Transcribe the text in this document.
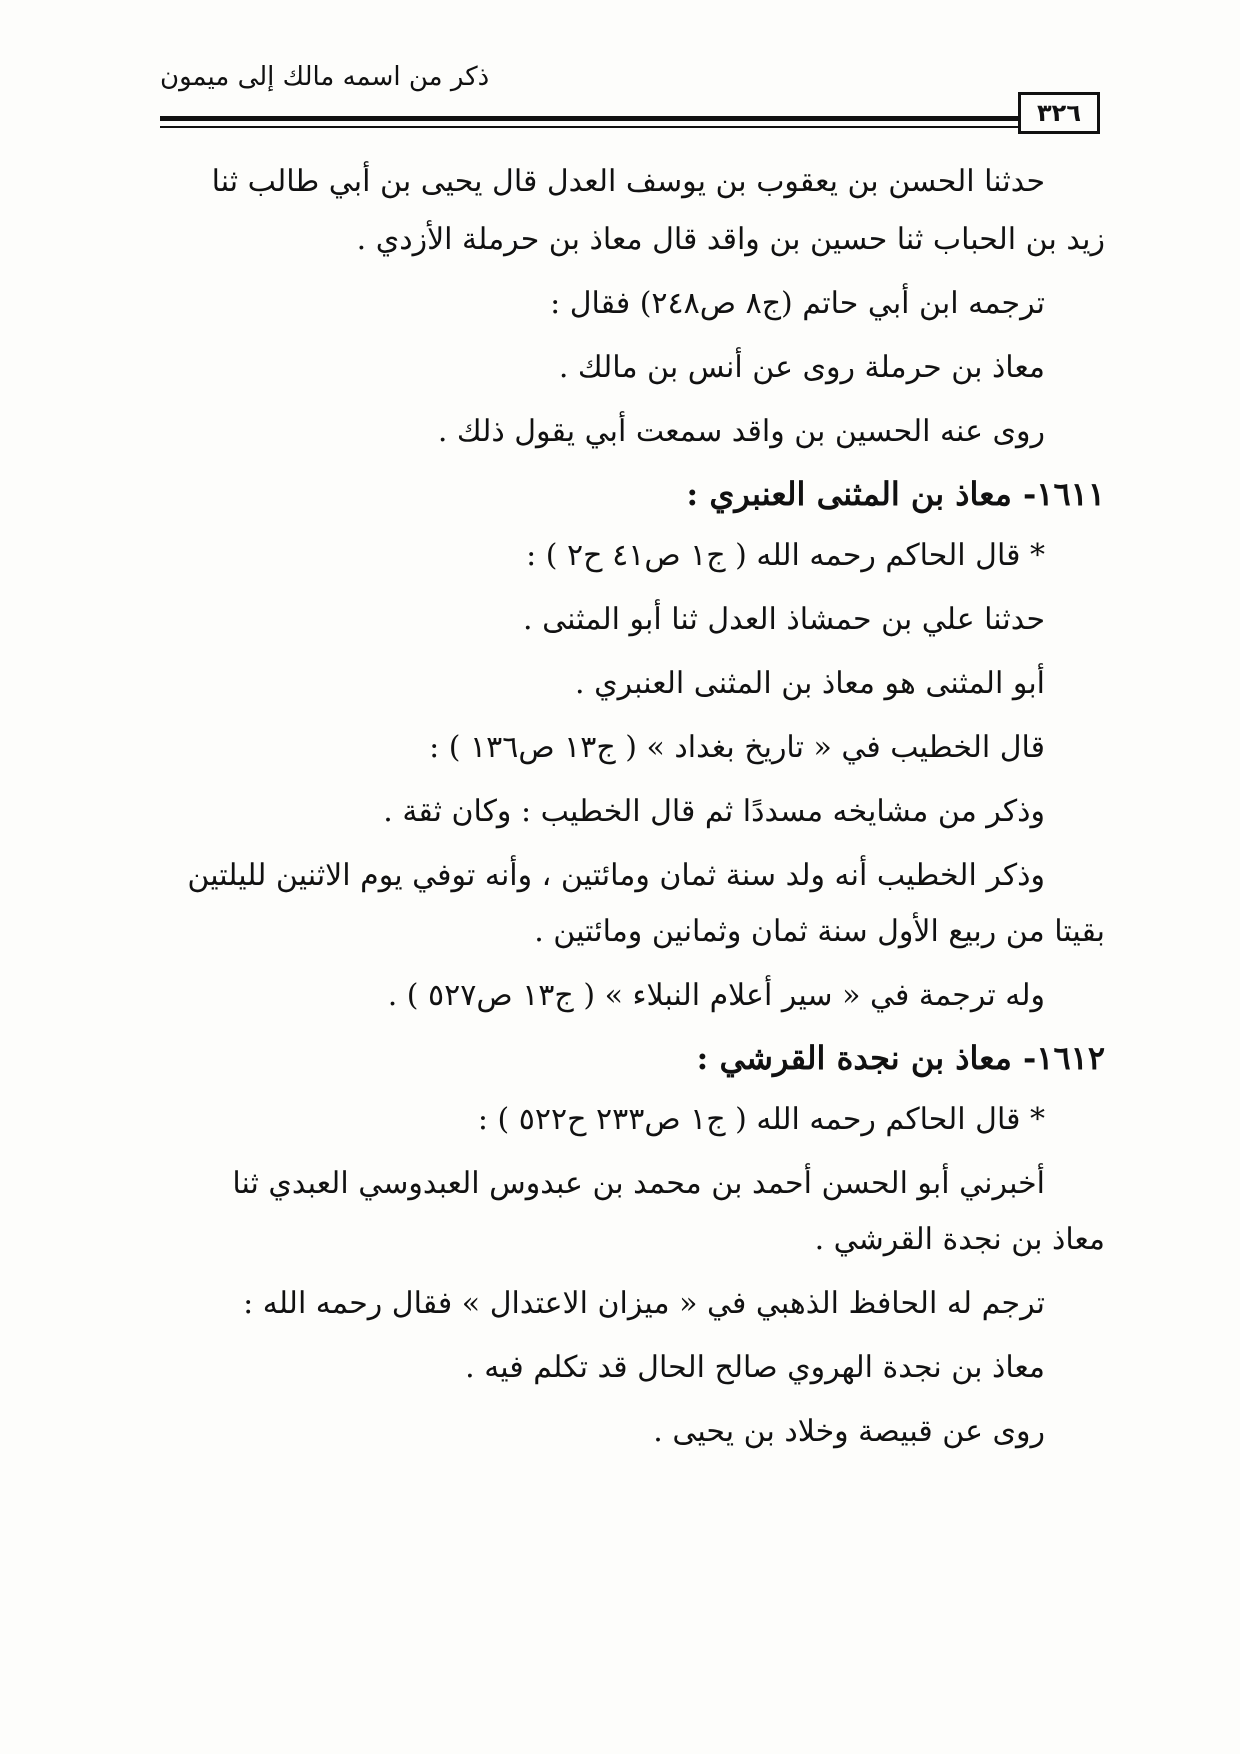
ذكر من اسمه مالك إلى ميمون
٣٢٦

حدثنا الحسن بن يعقوب بن يوسف العدل قال يحيى بن أبي طالب ثنا

زيد بن الحباب ثنا حسين بن واقد قال معاذ بن حرملة الأزدي .

ترجمه ابن أبي حاتم (ج٨ ص٢٤٨) فقال :

معاذ بن حرملة روى عن أنس بن مالك .

روى عنه الحسين بن واقد سمعت أبي يقول ذلك .

١٦١١- معاذ بن المثنى العنبري :

* قال الحاكم رحمه الله ( ج١ ص٤١ ح٢ ) :

حدثنا علي بن حمشاذ العدل ثنا أبو المثنى .

أبو المثنى هو معاذ بن المثنى العنبري .

قال الخطيب في « تاريخ بغداد » ( ج١٣ ص١٣٦ ) :

وذكر من مشايخه مسددًا ثم قال الخطيب : وكان ثقة .

وذكر الخطيب أنه ولد سنة ثمان ومائتين ، وأنه توفي يوم الاثنين لليلتين

بقيتا من ربيع الأول سنة ثمان وثمانين ومائتين .

وله ترجمة في « سير أعلام النبلاء » ( ج١٣ ص٥٢٧ ) .

١٦١٢- معاذ بن نجدة القرشي :

* قال الحاكم رحمه الله ( ج١ ص٢٣٣ ح٥٢٢ ) :

أخبرني أبو الحسن أحمد بن محمد بن عبدوس العبدوسي العبدي ثنا

معاذ بن نجدة القرشي .

ترجم له الحافظ الذهبي في « ميزان الاعتدال » فقال رحمه الله :

معاذ بن نجدة الهروي صالح الحال قد تكلم فيه .

روى عن قبيصة وخلاد بن يحيى .
